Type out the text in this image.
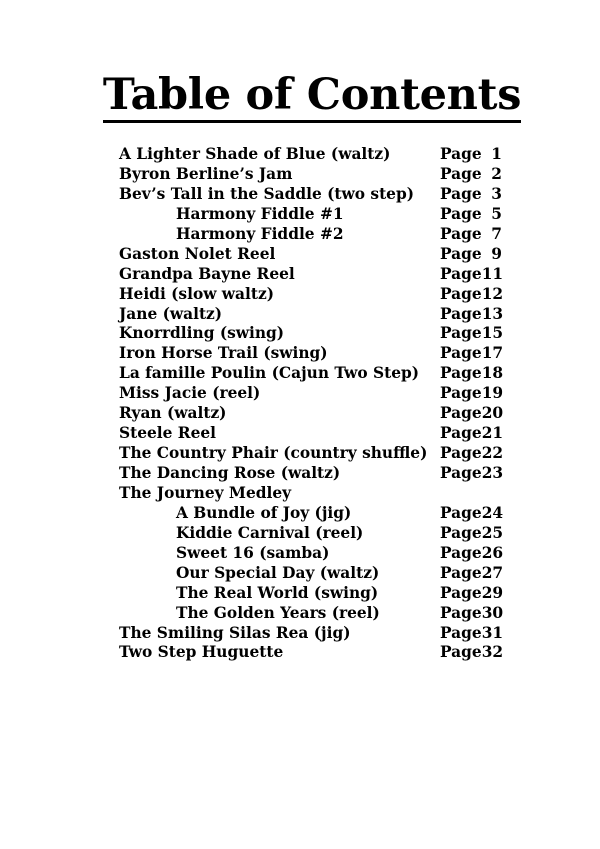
Table of Contents
A Lighter Shade of Blue (waltz)	Page 1
Byron Berline’s Jam	Page 2
Bev’s Tall in the Saddle (two step) Page 3
Harmony Fiddle #1	Page 5
Harmony Fiddle #2	Page 7
Gaston Nolet Reel	Page 9
Grandpa Bayne Reel	Page 11
Heidi (slow waltz)	Page 12
Jane (waltz)	Page 13
Knorrdling (swing)	Page 15
Iron Horse Trail (swing)	Page 17
La famille Poulin (Cajun Two Step) Page 18
Miss Jacie (reel)	Page 19
Ryan (waltz)	Page 20
Steele Reel	Page 21
The Country Phair (country shuffle) Page 22
The Dancing Rose (waltz)	Page 23
The Journey Medley
A Bundle of Joy (jig)	Page 24
Kiddie Carnival (reel)	Page 25
Sweet 16 (samba)	Page 26
Our Special Day (waltz)	Page 27
The Real World (swing)	Page 29
The Golden Years (reel)	Page 30
The Smiling Silas Rea (jig)	Page 31
Two Step Huguette	Page 32
